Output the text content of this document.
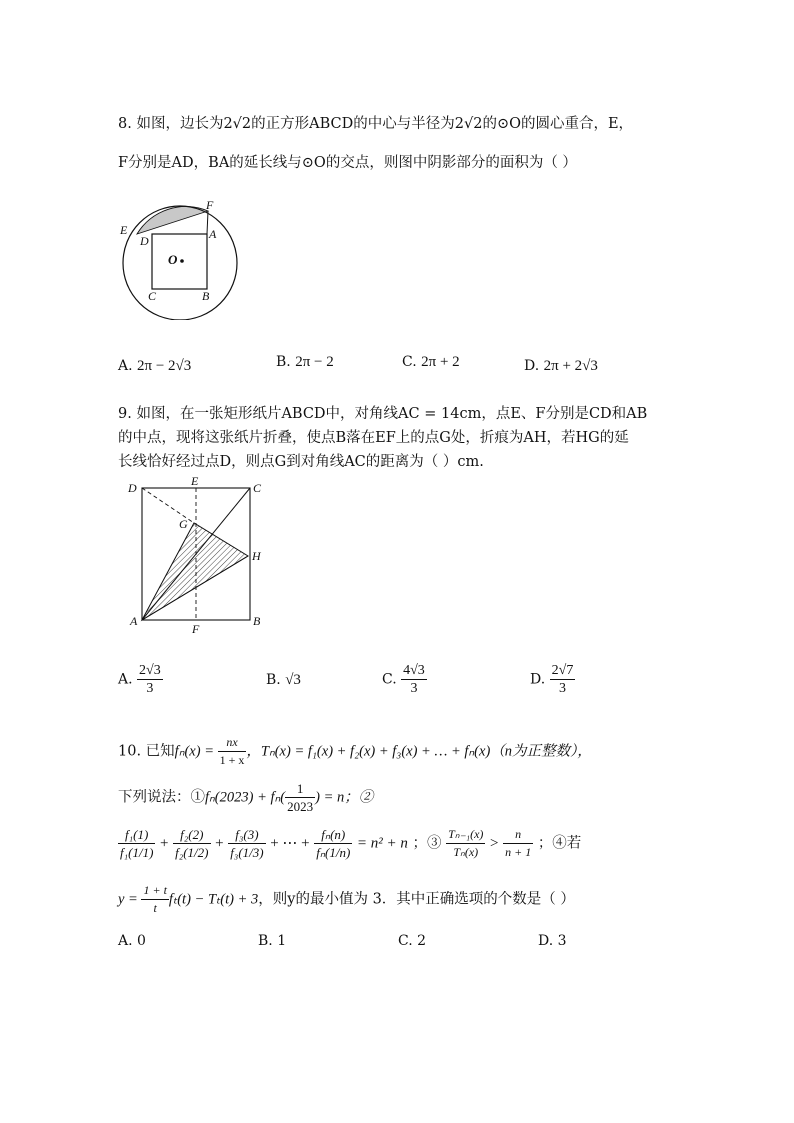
8. 如图，边长为2√2的正方形ABCD的中心与半径为2√2的⊙O的圆心重合，E，
F分别是AD，BA的延长线与⊙O的交点，则图中阴影部分的面积为（ ）
E
F
A
D
C	B
O
A. 2π − 2√3	B. 2π − 2	C. 2π + 2	D. 2π + 2√3
9. 如图，在一张矩形纸片ABCD中，对角线AC = 14cm，点E、F分别是CD和AB
的中点，现将这张纸片折叠，使点B落在EF上的点G处，折痕为AH，若HG的延
长线恰好经过点D，则点G到对角线AC的距离为（ ）cm.
D	E	C
G
H
A
F
B
A. $\frac{2√3}{3}$	B. √3	C. $\frac{4√3}{3}$	D. $\frac{2√7}{3}$
10. 已知$f_n(x) = \frac{nx}{1 + x}$ ，Tₙ(x) = f₁(x) + f₂(x) + f₃(x) + … + fₙ(x)（n为正整数），
下列说法：①fₙ(2023) + $f_n( \frac{1}{2023}$ ) = n；②
$\frac{\text{f₁(1)}}{\text{f₁(1/1)}} + \frac{\text{f₂(2)}}{\text{f₂(1/2)}} + \frac{\text{f₃(3)}}{\text{f₃(1/3)}}$ + ⋯ + $\frac{\text{fₙ(n)}}{\text{fₙ(1/n)}} = n^2 + n$ ；③ $\frac{\text{Tₙ₋₁(x)}}{\text{Tₙ(x)}} > \frac{n}{n + 1}$ ；④若
$y = \frac{1 + t}{t} f_t(t) - T_t(t) + 3$，则y的最小值为 3．其中正确选项的个数是（ ）
A. 0	B. 1	C. 2	D. 3
